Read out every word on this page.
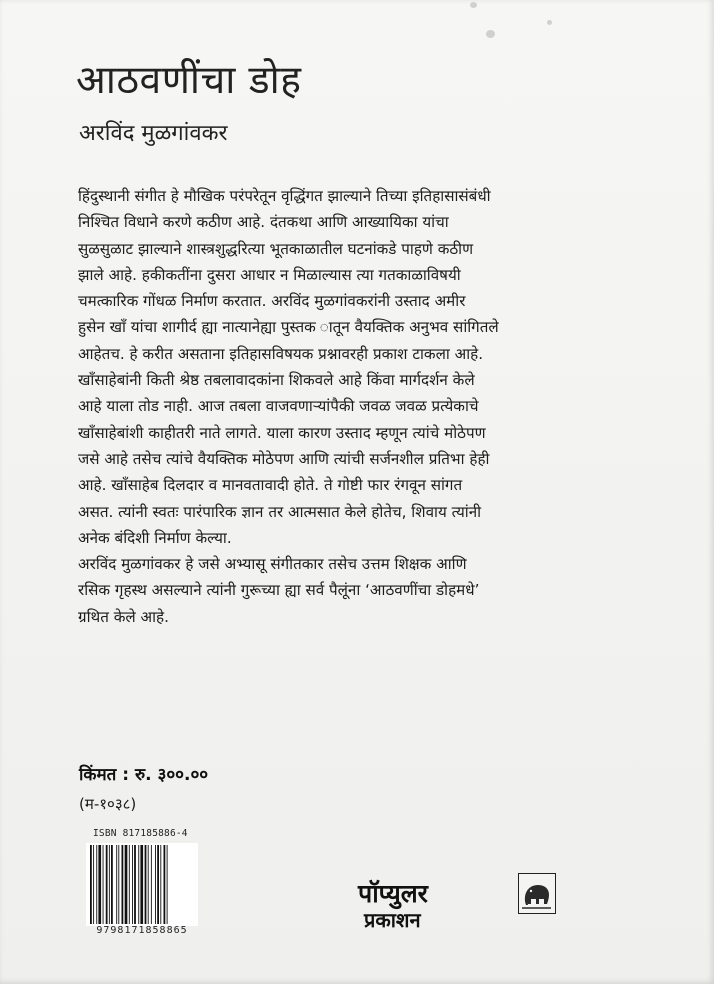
आठवणींचा डोह
अरविंद मुळगांवकर
हिंदुस्थानी संगीत हे मौखिक परंपरेतून वृद्धिंगत झाल्याने तिच्या इतिहासासंबंधी
निश्चित विधाने करणे कठीण आहे. दंतकथा आणि आख्यायिका यांचा
सुळसुळाट झाल्याने शास्त्रशुद्धरित्या भूतकाळातील घटनांकडे पाहणे कठीण
झाले आहे. हकीकतींना दुसरा आधार न मिळाल्यास त्या गतकाळाविषयी
चमत्कारिक गोंधळ निर्माण करतात. अरविंद मुळगांवकरांनी उस्ताद अमीर
हुसेन खाँ यांचा शागीर्द ह्या नात्यानेह्या पुस्तक ातून वैयक्तिक अनुभव सांगितले
आहेतच. हे करीत असताना इतिहासविषयक प्रश्नावरही प्रकाश टाकला आहे.
खाँसाहेबांनी किती श्रेष्ठ तबलावादकांना शिकवले आहे किंवा मार्गदर्शन केले
आहे याला तोड नाही. आज तबला वाजवणाऱ्यांपैकी जवळ जवळ प्रत्येकाचे
खाँसाहेबांशी काहीतरी नाते लागते. याला कारण उस्ताद म्हणून त्यांचे मोठेपण
जसे आहे तसेच त्यांचे वैयक्तिक मोठेपण आणि त्यांची सर्जनशील प्रतिभा हेही
आहे. खाँसाहेब दिलदार व मानवतावादी होते. ते गोष्टी फार रंगवून सांगत
असत. त्यांनी स्वतः पारंपारिक ज्ञान तर आत्मसात केले होतेच, शिवाय त्यांनी
अनेक बंदिशी निर्माण केल्या.
अरविंद मुळगांवकर हे जसे अभ्यासू संगीतकार तसेच उत्तम शिक्षक आणि
रसिक गृहस्थ असल्याने त्यांनी गुरूच्या ह्या सर्व पैलूंना ‘आठवणींचा डोहमधे’
ग्रथित केले आहे.
किंमत : रु. ३००.००
(म-१०३८)
ISBN 817185886-4
9798171858865
पॉप्युलर
प्रकाशन
